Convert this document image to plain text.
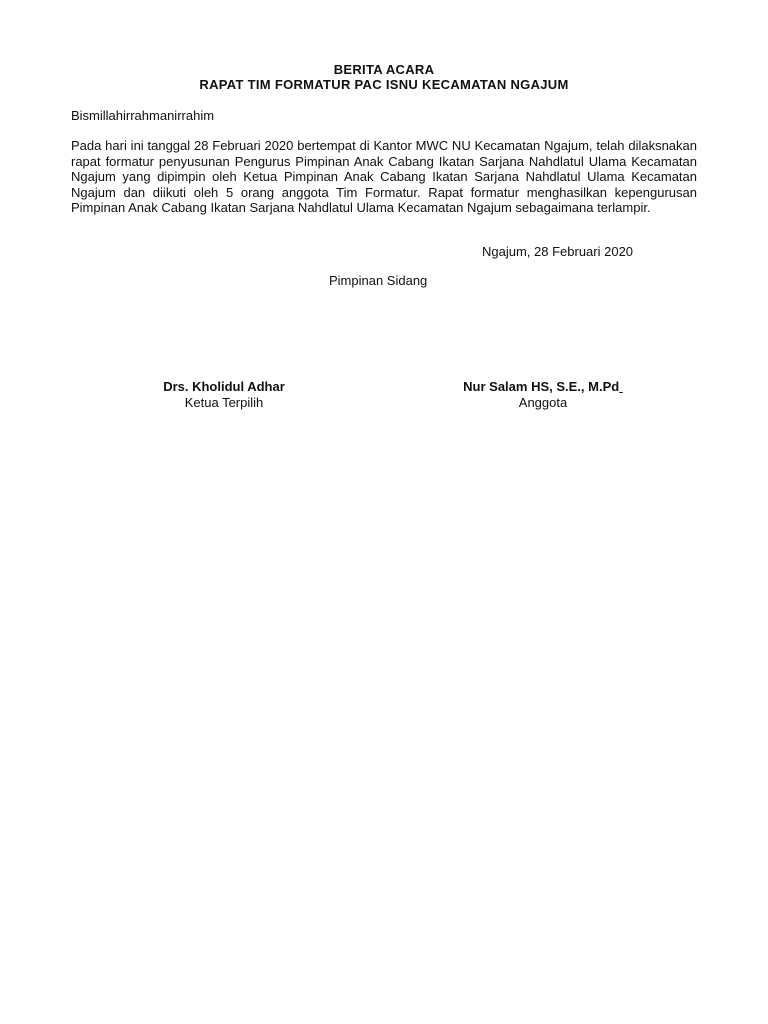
BERITA ACARA
RAPAT TIM FORMATUR PAC ISNU KECAMATAN NGAJUM
Bismillahirrahmanirrahim
Pada hari ini tanggal 28 Februari 2020 bertempat di Kantor MWC NU Kecamatan Ngajum, telah dilaksnakan rapat formatur penyusunan Pengurus Pimpinan Anak Cabang Ikatan Sarjana Nahdlatul Ulama Kecamatan Ngajum yang dipimpin oleh Ketua Pimpinan Anak Cabang Ikatan Sarjana Nahdlatul Ulama Kecamatan Ngajum dan diikuti oleh 5 orang anggota Tim Formatur. Rapat formatur menghasilkan kepengurusan Pimpinan Anak Cabang Ikatan Sarjana Nahdlatul Ulama Kecamatan Ngajum sebagaimana terlampir.
Ngajum, 28 Februari 2020
Pimpinan Sidang
Drs. Kholidul Adhar
Ketua Terpilih
Nur Salam HS, S.E., M.Pd
Anggota
